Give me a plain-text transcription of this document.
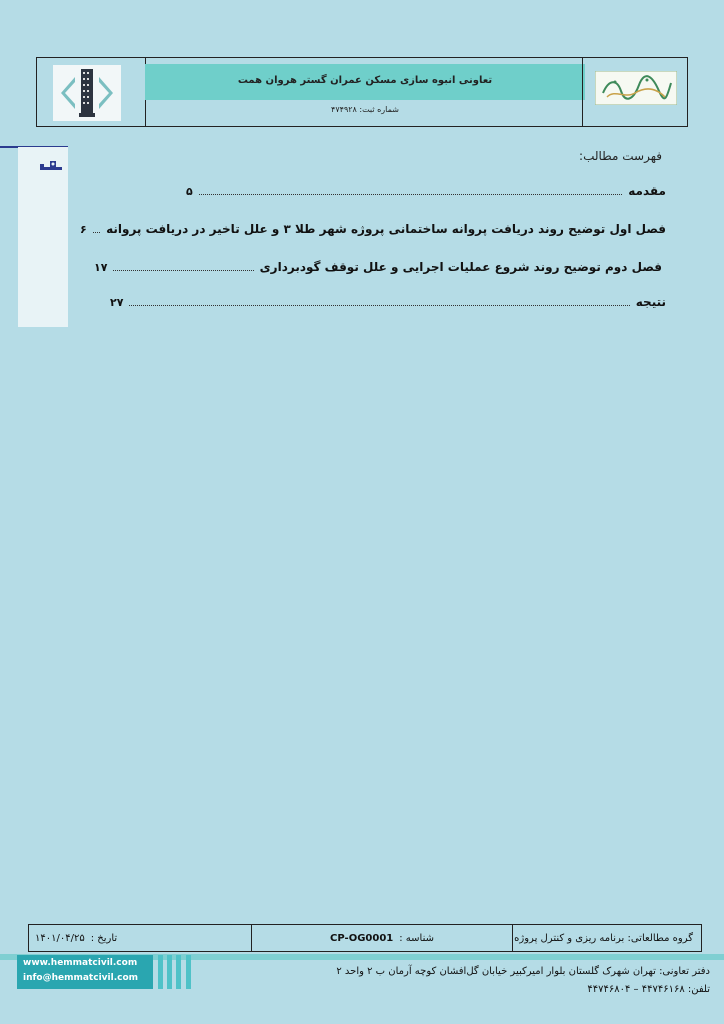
تعاونی انبوه سازی مسکن عمران گستر هروان همت
شماره ثبت: ۴۷۴۹۲۸
فهرست مطالب:
مقدمه
۵
فصل اول توضیح روند دریافت پروانه ساختمانی پروژه شهر طلا ۳ و علل تاخیر در دریافت پروانه
۶
فصل دوم توضیح روند شروع عملیات اجرایی و علل توقف گودبرداری
۱۷
نتیجه
۲۷
گروه مطالعاتی: برنامه ریزی و کنترل پروژه
شناسه :
CP-OG0001
تاریخ :
۱۴۰۱/۰۴/۲۵
www.hemmatcivil.com
info@hemmatcivil.com
دفتر تعاونی: تهران شهرک گلستان بلوار امیرکبیر خیابان گل‌افشان کوچه آرمان ب ۲ واحد ۲
تلفن: ۴۴۷۴۶۱۶۸ – ۴۴۷۴۶۸۰۴
